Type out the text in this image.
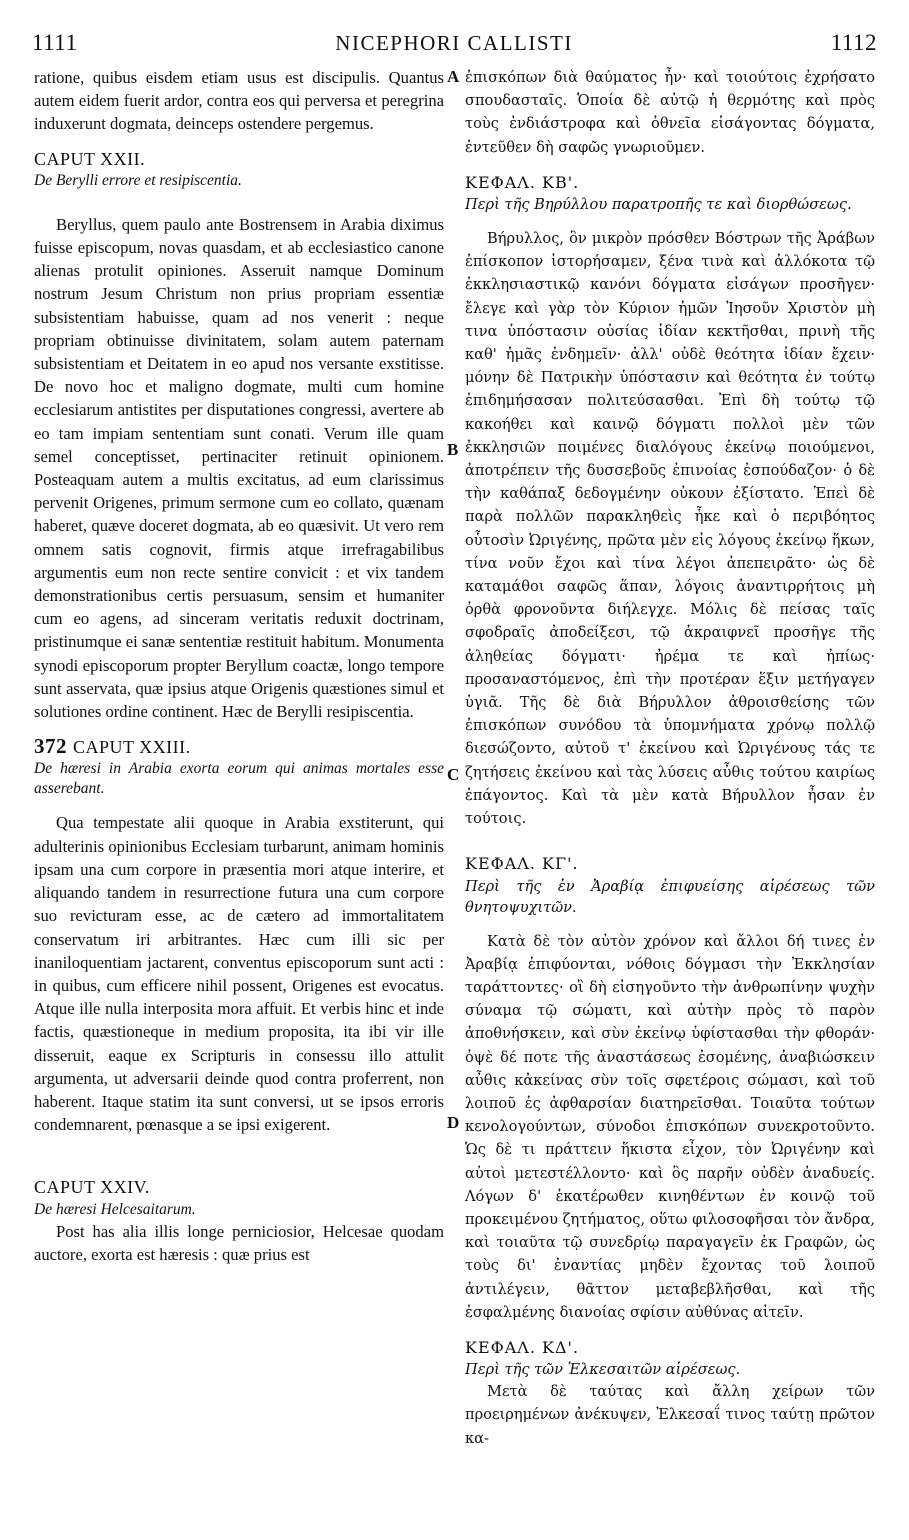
1111	NICEPHORI CALLISTI	1112
A
B
C
D

ratione, quibus eisdem etiam usus est discipulis. Quantus autem eidem fuerit ardor, contra eos qui perversa et peregrina induxerunt dogmata, deinceps ostendere pergemus.

CAPUT XXII.

De Berylli errore et resipiscentia.

Beryllus, quem paulo ante Bostrensem in Arabia diximus fuisse episcopum, novas quasdam, et ab ecclesiastico canone alienas protulit opiniones. Asseruit namque Dominum nostrum Jesum Christum non prius propriam essentiæ subsistentiam habuisse, quam ad nos venerit : neque propriam obtinuisse divinitatem, solam autem paternam subsistentiam et Deitatem in eo apud nos versante exstitisse. De novo hoc et maligno dogmate, multi cum homine ecclesiarum antistites per disputationes congressi, avertere ab eo tam impiam sententiam sunt conati. Verum ille quam semel conceptisset, pertinaciter retinuit opinionem. Posteaquam autem a multis excitatus, ad eum clarissimus pervenit Origenes, primum sermone cum eo collato, quænam haberet, quæve doceret dogmata, ab eo quæsivit. Ut vero rem omnem satis cognovit, firmis atque irrefragabilibus argumentis eum non recte sentire convicit : et vix tandem demonstrationibus certis persuasum, sensim et humaniter cum eo agens, ad sinceram veritatis reduxit doctrinam, pristinumque ei sanæ sententiæ restituit habitum. Monumenta synodi episcoporum propter Beryllum coactæ, longo tempore sunt asservata, quæ ipsius atque Origenis quæstiones simul et solutiones ordine continent. Hæc de Berylli resipiscentia.

372 CAPUT XXIII.

De hæresi in Arabia exorta eorum qui animas mortales esse asserebant.

Qua tempestate alii quoque in Arabia exstiterunt, qui adulterinis opinionibus Ecclesiam turbarunt, animam hominis ipsam una cum corpore in præsentia mori atque interire, et aliquando tandem in resurrectione futura una cum corpore suo revicturam esse, ac de cætero ad immortalitatem conservatum iri arbitrantes. Hæc cum illi sic per inanilоquentiam jactarent, conventus episcoporum sunt acti : in quibus, cum efficere nihil possent, Origenes est evocatus. Atque ille nulla interposita mora affuit. Et verbis hinc et inde factis, quæstioneque in medium proposita, ita ibi vir ille disseruit, eaque ex Scripturis in consessu illo attulit argumenta, ut adversarii deinde quod contra proferrent, non haberent. Itaque statim ita sunt conversi, ut se ipsos erroris condemnarent, pœnasque a se ipsi exigerent.

CAPUT XXIV.

De hæresi Helcesaitarum.

Post has alia illis longe perniciosior, Helcesae quodam auctore, exorta est hæresis : quæ prius est

ἐπισκόπων διὰ θαύματος ἦν· καὶ τοιούτοις ἐχρήσατο σπουδασταῖς. Ὁποία δὲ αὐτῷ ἡ θερμότης καὶ πρὸς τοὺς ἐνδιάστροφα καὶ ὀθνεῖα εἰσάγοντας δόγματα, ἐντεῦθεν δὴ σαφῶς γνωριοῦμεν.

ΚΕΦΑΛ. ΚΒ'.

Περὶ τῆς Βηρύλλου παρατροπῆς τε καὶ διορθώσεως.

Βήρυλλος, ὃν μικρὸν πρόσθεν Βόστρων τῆς Ἀράβων ἐπίσκοπον ἱστορήσαμεν, ξένα τινὰ καὶ ἀλλόκοτα τῷ ἐκκλησιαστικῷ κανόνι δόγματα εἰσάγων προσῆγεν· ἔλεγε καὶ γὰρ τὸν Κύριον ἡμῶν Ἰησοῦν Χριστὸν μὴ τινα ὑπόστασιν οὐσίας ἰδίαν κεκτῆσθαι, πρινὴ τῆς καθ' ἡμᾶς ἐνδημεῖν· ἀλλ' οὐδὲ θεότητα ἰδίαν ἔχειν· μόνην δὲ Πατρικὴν ὑπόστασιν καὶ θεότητα ἐν τούτῳ ἐπιδημήσασαν πολιτεύσασθαι. Ἐπὶ δὴ τούτῳ τῷ κακοήθει καὶ καινῷ δόγματι πολλοὶ μὲν τῶν ἐκκλησιῶν ποιμένες διαλόγους ἐκείνῳ ποιούμενοι, ἀποτρέπειν τῆς δυσσεβοῦς ἐπινοίας ἐσπούδαζον· ὁ δὲ τὴν καθάπαξ δεδογμένην οὐκουν ἐξίστατο. Ἐπεὶ δὲ παρὰ πολλῶν παρακληθεὶς ἧκε καὶ ὁ περιβόητος οὗτοσὶν Ὠριγένης, πρῶτα μὲν εἰς λόγους ἐκείνῳ ἥκων, τίνα νοῦν ἔχοι καὶ τίνα λέγοι ἀπεπειρᾶτο· ὡς δὲ καταμάθοι σαφῶς ἅπαν, λόγοις ἀναντιρρήτοις μὴ ὀρθὰ φρονοῦντα διήλεγχε. Μόλις δὲ πείσας ταῖς σφοδραῖς ἀποδείξεσι, τῷ ἀκραιφνεῖ προσῆγε τῆς ἀληθείας δόγματι· ἠρέμα τε καὶ ἠπίως· προσαναστόμενος, ἐπὶ τὴν προτέραν ἕξιν μετήγαγεν ὑγιᾶ. Τῆς δὲ διὰ Βήρυλλον ἀθροισθείσης τῶν ἐπισκόπων συνόδου τὰ ὑπομνήματα χρόνῳ πολλῷ διεσώζοντο, αὐτοῦ τ' ἐκείνου καὶ Ὠριγένους τάς τε ζητήσεις ἐκείνου καὶ τὰς λύσεις αὖθις τούτου καιρίως ἐπάγοντος. Καὶ τὰ μὲν κατὰ Βήρυλλον ἦσαν ἐν τούτοις.

ΚΕΦΑΛ. ΚΓ'.

Περὶ τῆς ἐν Ἀραβίᾳ ἐπιφυείσης αἱρέσεως τῶν θνητοψυχιτῶν.

Κατὰ δὲ τὸν αὐτὸν χρόνον καὶ ἄλλοι δή τινες ἐν Ἀραβίᾳ ἐπιφύονται, νόθοις δόγμασι τὴν Ἐκκλησίαν ταράττοντες· οἳ δὴ εἰσηγοῦντο τὴν ἀνθρωπίνην ψυχὴν σύναμα τῷ σώματι, καὶ αὐτὴν πρὸς τὸ παρὸν ἀποθνήσκειν, καὶ σὺν ἐκείνῳ ὑφίστασθαι τὴν φθοράν· ὀψὲ δέ ποτε τῆς ἀναστάσεως ἐσομένης, ἀναβιώσκειν αὖθις κἀκείνας σὺν τοῖς σφετέροις σώμασι, καὶ τοῦ λοιποῦ ἐς ἀφθαρσίαν διατηρεῖσθαι. Τοιαῦτα τούτων κενολογούντων, σύνοδοι ἐπισκόπων συνεκροτοῦντο. Ὡς δὲ τι πράττειν ἥκιστα εἶχον, τὸν Ὠριγένην καὶ αὐτοὶ μετεστέλλοντο· καὶ ὃς παρῆν οὐδὲν ἀναδυείς. Λόγων δ' ἑκατέρωθεν κινηθέντων ἐν κοινῷ τοῦ προκειμένου ζητήματος, οὕτω φιλοσοφῆσαι τὸν ἄνδρα, καὶ τοιαῦτα τῷ συνεδρίῳ παραγαγεῖν ἐκ Γραφῶν, ὡς τοὺς δι' ἐναντίας μηδὲν ἔχοντας τοῦ λοιποῦ ἀντιλέγειν, θᾶττον μεταβεβλῆσθαι, καὶ τῆς ἐσφαλμένης διανοίας σφίσιν αὐθύνας αἰτεῖν.

ΚΕΦΑΛ. ΚΔ'.

Περὶ τῆς τῶν Ἐλκεσαιτῶν αἱρέσεως.

Μετὰ δὲ ταύτας καὶ ἄλλη χείρων τῶν προειρημένων ἀνέκυψεν, Ἐλκεσαΐ τινος ταύτῃ πρῶτον κα-
